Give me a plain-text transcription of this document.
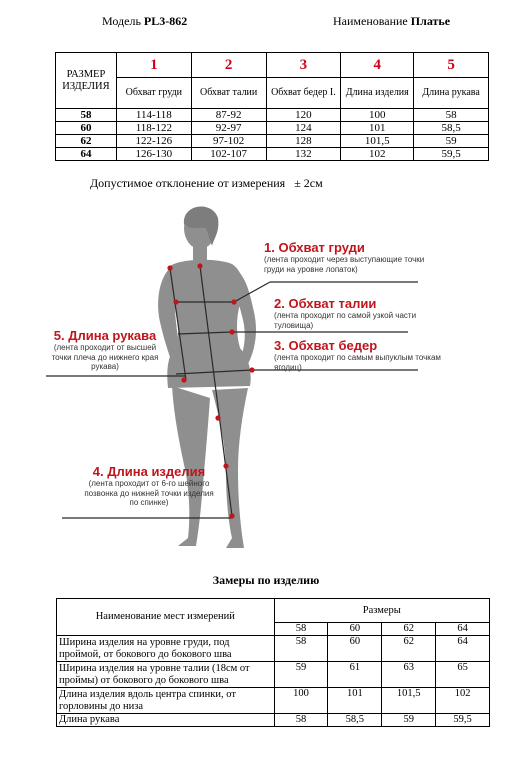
Модель PL3-862	Наименование Платье
РАЗМЕР ИЗДЕЛИЯ	1	2	3	4	5
	Обхват груди	Обхват талии	Обхват бедер I.	Длина изделия	Длина рукава
58	114-118	87-92	120	100	58
60	118-122	92-97	124	101	58,5
62	122-126	97-102	128	101,5	59
64	126-130	102-107	132	102	59,5
Допустимое отклонение от измерения ± 2см
1. Обхват груди
(лента проходит через выступающие точки груди на уровне лопаток)
2. Обхват талии
(лента проходит по самой узкой части туловища)
3. Обхват бедер
(лента проходит по самым выпуклым точкам ягодиц)
4. Длина изделия
(лента проходит от 6-го шейного позвонка до нижней точки изделия по спинке)
5. Длина рукава
(лента проходит от высшей точки плеча до нижнего края рукава)
Замеры по изделию
Наименование мест измерений	Размеры			
	58	60	62	64
Ширина изделия на уровне груди, под проймой, от бокового до бокового шва	58	60	62	64
Ширина изделия на уровне талии (18см от проймы) от бокового до бокового шва	59	61	63	65
Длина изделия вдоль центра спинки, от горловины до низа	100	101	101,5	102
Длина рукава	58	58,5	59	59,5
